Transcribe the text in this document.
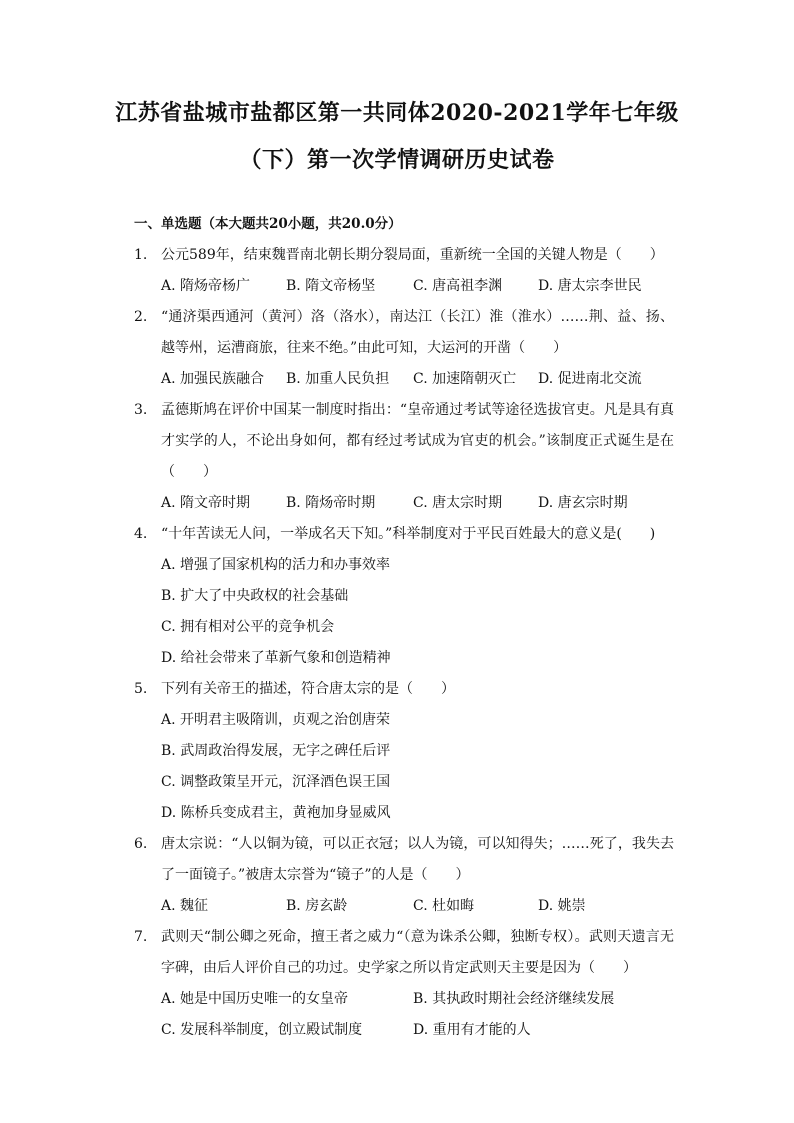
江苏省盐城市盐都区第一共同体2020-2021学年七年级
（下）第一次学情调研历史试卷
一、单选题（本大题共20小题，共20.0分）
1. 公元589年，结束魏晋南北朝长期分裂局面，重新统一全国的关键人物是（　　）
A. 隋炀帝杨广	B. 隋文帝杨坚	C. 唐高祖李渊	D. 唐太宗李世民
2. “通济渠西通河（黄河）洛（洛水），南达江（长江）淮（淮水）……荆、益、扬、越等州，运漕商旅，往来不绝。”由此可知，大运河的开凿（　　）
A. 加强民族融合 B. 加重人民负担 C. 加速隋朝灭亡 D. 促进南北交流
3. 孟德斯鸠在评价中国某一制度时指出：“皇帝通过考试等途径选拔官吏。凡是具有真才实学的人，不论出身如何，都有经过考试成为官吏的机会。”该制度正式诞生是在（　　）
A. 隋文帝时期	B. 隋炀帝时期	C. 唐太宗时期	D. 唐玄宗时期
4. “十年苦读无人问，一举成名天下知。”科举制度对于平民百姓最大的意义是(　　)
A. 增强了国家机构的活力和办事效率
B. 扩大了中央政权的社会基础
C. 拥有相对公平的竞争机会
D. 给社会带来了革新气象和创造精神
5. 下列有关帝王的描述，符合唐太宗的是（　　）
A. 开明君主吸隋训，贞观之治创唐荣
B. 武周政治得发展，无字之碑任后评
C. 调整政策呈开元，沉泽酒色误王国
D. 陈桥兵变成君主，黄袍加身显威风
6. 唐太宗说：“人以铜为镜，可以正衣冠；以人为镜，可以知得失；……死了，我失去了一面镜子。”被唐太宗誉为“镜子”的人是（　　）
A. 魏征	B. 房玄龄	C. 杜如晦	D. 姚崇
7. 武则天“制公卿之死命，擅王者之威力“（意为诛杀公卿，独断专权）。武则天遗言无字碑，由后人评价自己的功过。史学家之所以肯定武则天主要是因为（　　）
A. 她是中国历史唯一的女皇帝	B. 其执政时期社会经济继续发展
C. 发展科举制度，创立殿试制度	D. 重用有才能的人
